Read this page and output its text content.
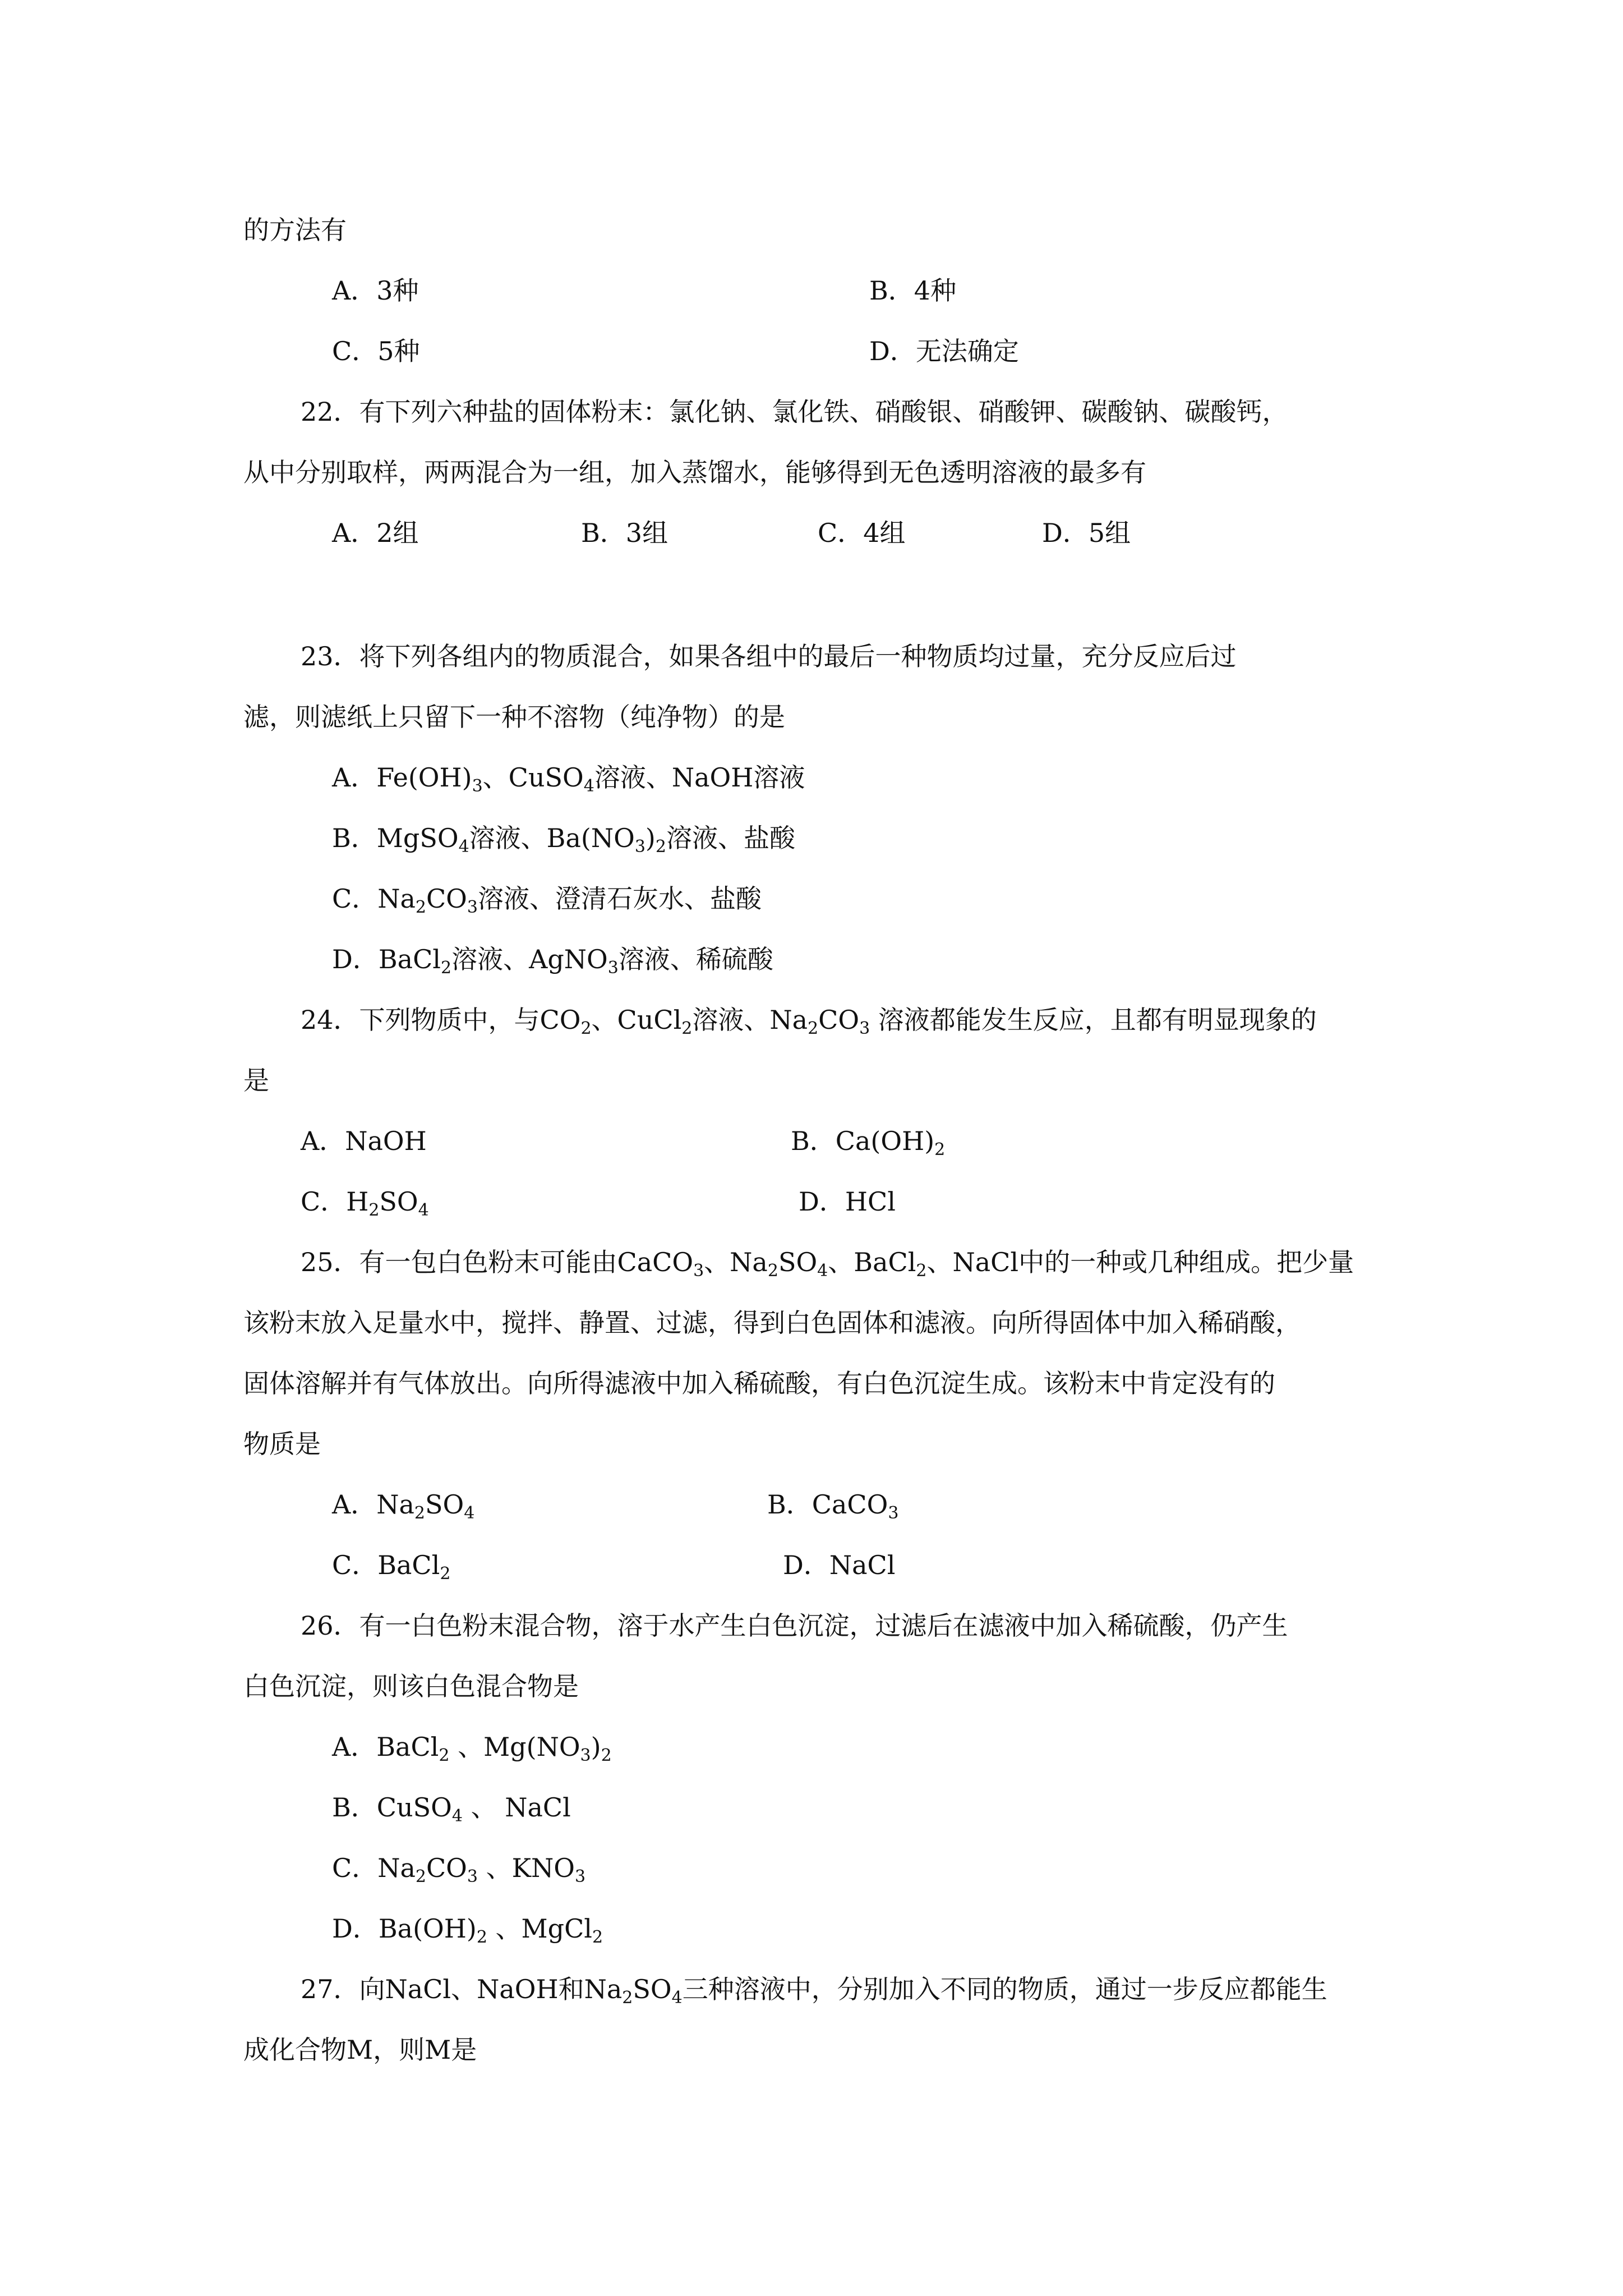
的方法有
A．3种	B．4种
C．5种	D．无法确定
22．有下列六种盐的固体粉末：氯化钠、氯化铁、硝酸银、硝酸钾、碳酸钠、碳酸钙，
从中分别取样，两两混合为一组，加入蒸馏水，能够得到无色透明溶液的最多有
A．2组	B．3组	C．4组	D．5组
23．将下列各组内的物质混合，如果各组中的最后一种物质均过量，充分反应后过
滤，则滤纸上只留下一种不溶物（纯净物）的是
A．$Fe(OH)_3$、CuSO$_4$溶液、NaOH溶液
B．MgSO$_4$溶液、$Ba(NO_3)_2$溶液、盐酸
C．$Na_2CO_3$溶液、澄清石灰水、盐酸
D．BaCl$_2$溶液、AgNO$_3$溶液、稀硫酸
24．下列物质中，与$CO_2$、CuCl$_2$溶液、$Na_2CO_3$ 溶液都能发生反应，且都有明显现象的
是
A．NaOH	B．$Ca(OH)_2$
C．$H_2SO_4$	D．HCl
25．有一包白色粉末可能由CaCO$_3$、$Na_2SO_4$、BaCl$_2$、NaCl中的一种或几种组成。把少量
该粉末放入足量水中，搅拌、静置、过滤，得到白色固体和滤液。向所得固体中加入稀硝酸，
固体溶解并有气体放出。向所得滤液中加入稀硫酸，有白色沉淀生成。该粉末中肯定没有的
物质是
A．$Na_2SO_4$	B．CaCO$_3$
C．BaCl$_2$	D．NaCl
26．有一白色粉末混合物，溶于水产生白色沉淀，过滤后在滤液中加入稀硫酸，仍产生
白色沉淀，则该白色混合物是
A．BaCl$_2$ 、$Mg(NO_3)_2$
B．CuSO$_4$ 、 NaCl
C．$Na_2CO_3$ 、$KNO_3$
D．$Ba(OH)_2$ 、MgCl$_2$
27．向NaCl、NaOH和$Na_2SO_4$三种溶液中，分别加入不同的物质，通过一步反应都能生
成化合物M，则M是
